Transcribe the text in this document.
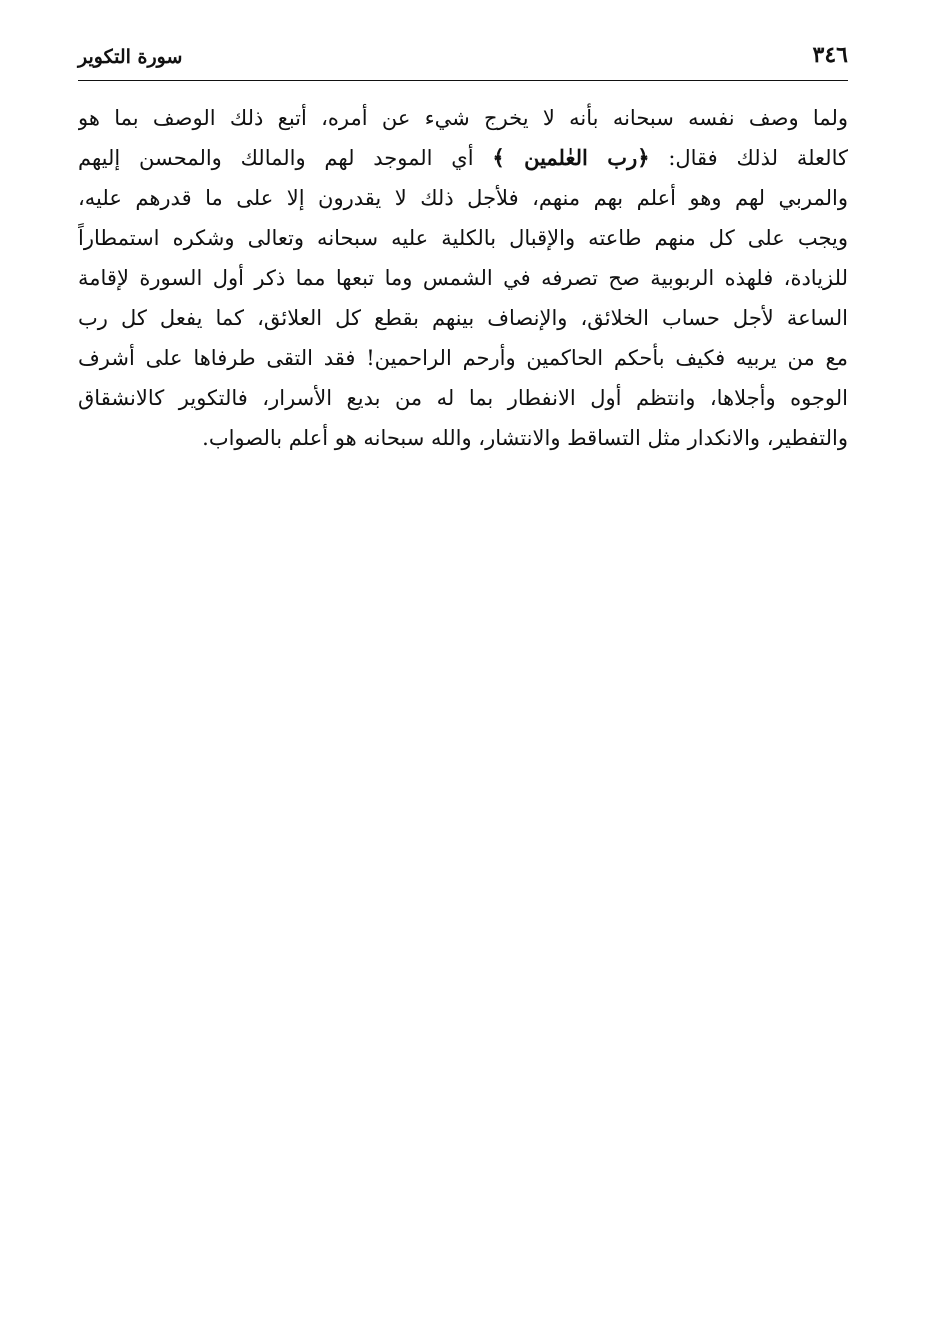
٣٤٦
سورة التكوير
ولما وصف نفسه سبحانه بأنه لا يخرج شيء عن أمره، أتبع ذلك الوصف بما هو
كالعلة لذلك فقال: ﴿رب العٰلمين ﴾ أي الموجد لهم والمالك والمحسن إليهم
والمربي لهم وهو أعلم بهم منهم، فلأجل ذلك لا يقدرون إلا على ما قدرهم عليه،
ويجب على كل منهم طاعته والإقبال بالكلية عليه سبحانه وتعالى وشكره استمطاراً
للزيادة، فلهذه الربوبية صح تصرفه في الشمس وما تبعها مما ذكر أول السورة لإقامة
الساعة لأجل حساب الخلائق، والإنصاف بينهم بقطع كل العلائق، كما يفعل كل رب
مع من يربيه فكيف بأحكم الحاكمين وأرحم الراحمين! فقد التقى طرفاها على أشرف
الوجوه وأجلاها، وانتظم أول الانفطار بما له من بديع الأسرار، فالتكوير كالانشقاق
والتفطير، والانكدار مثل التساقط والانتشار، والله سبحانه هو أعلم بالصواب.
